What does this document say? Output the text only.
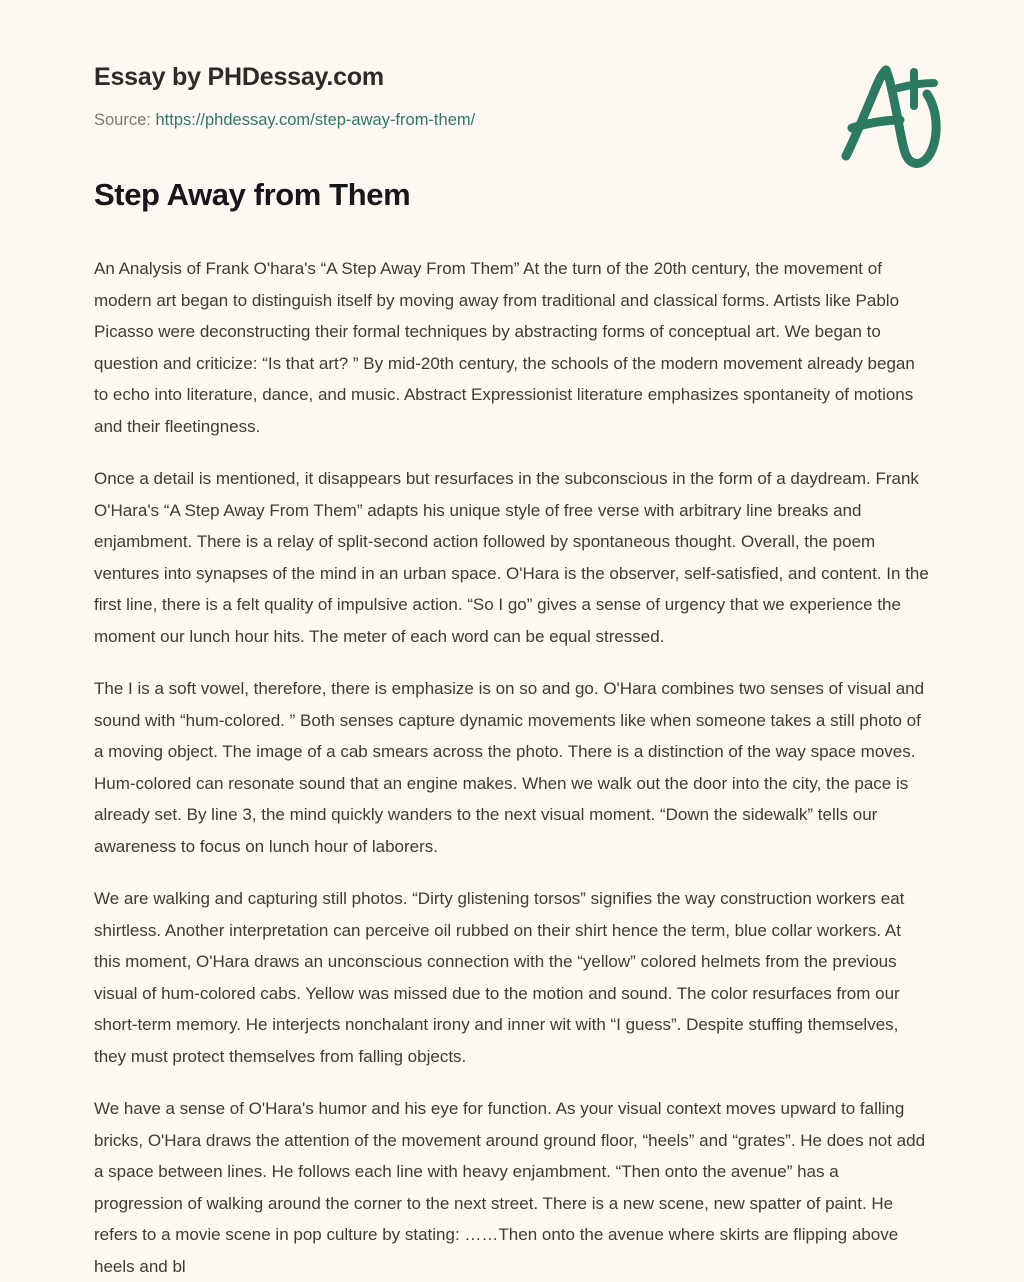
Essay by PHDessay.com
Source: https://phdessay.com/step-away-from-them/
Step Away from Them

An Analysis of Frank O'hara's “A Step Away From Them” At the turn of the 20th century, the movement of modern art began to distinguish itself by moving away from traditional and classical forms. Artists like Pablo Picasso were deconstructing their formal techniques by abstracting forms of conceptual art. We began to question and criticize: “Is that art? ” By mid-20th century, the schools of the modern movement already began to echo into literature, dance, and music. Abstract Expressionist literature emphasizes spontaneity of motions and their fleetingness.

Once a detail is mentioned, it disappears but resurfaces in the subconscious in the form of a daydream. Frank O'Hara's “A Step Away From Them” adapts his unique style of free verse with arbitrary line breaks and enjambment. There is a relay of split-second action followed by spontaneous thought. Overall, the poem ventures into synapses of the mind in an urban space. O'Hara is the observer, self-satisfied, and content. In the first line, there is a felt quality of impulsive action. “So I go” gives a sense of urgency that we experience the moment our lunch hour hits. The meter of each word can be equal stressed.

The I is a soft vowel, therefore, there is emphasize is on so and go. O'Hara combines two senses of visual and sound with “hum-colored. ” Both senses capture dynamic movements like when someone takes a still photo of a moving object. The image of a cab smears across the photo. There is a distinction of the way space moves. Hum-colored can resonate sound that an engine makes. When we walk out the door into the city, the pace is already set. By line 3, the mind quickly wanders to the next visual moment. “Down the sidewalk” tells our awareness to focus on lunch hour of laborers.

We are walking and capturing still photos. “Dirty glistening torsos” signifies the way construction workers eat shirtless. Another interpretation can perceive oil rubbed on their shirt hence the term, blue collar workers. At this moment, O'Hara draws an unconscious connection with the “yellow” colored helmets from the previous visual of hum-colored cabs. Yellow was missed due to the motion and sound. The color resurfaces from our short-term memory. He interjects nonchalant irony and inner wit with “I guess”. Despite stuffing themselves, they must protect themselves from falling objects.

We have a sense of O'Hara's humor and his eye for function. As your visual context moves upward to falling bricks, O'Hara draws the attention of the movement around ground floor, “heels” and “grates”. He does not add a space between lines. He follows each line with heavy enjambment. “Then onto the avenue” has a progression of walking around the corner to the next street. There is a new scene, new spatter of paint. He refers to a movie scene in pop culture by stating: ……Then onto the avenue where skirts are flipping above heels and bl
